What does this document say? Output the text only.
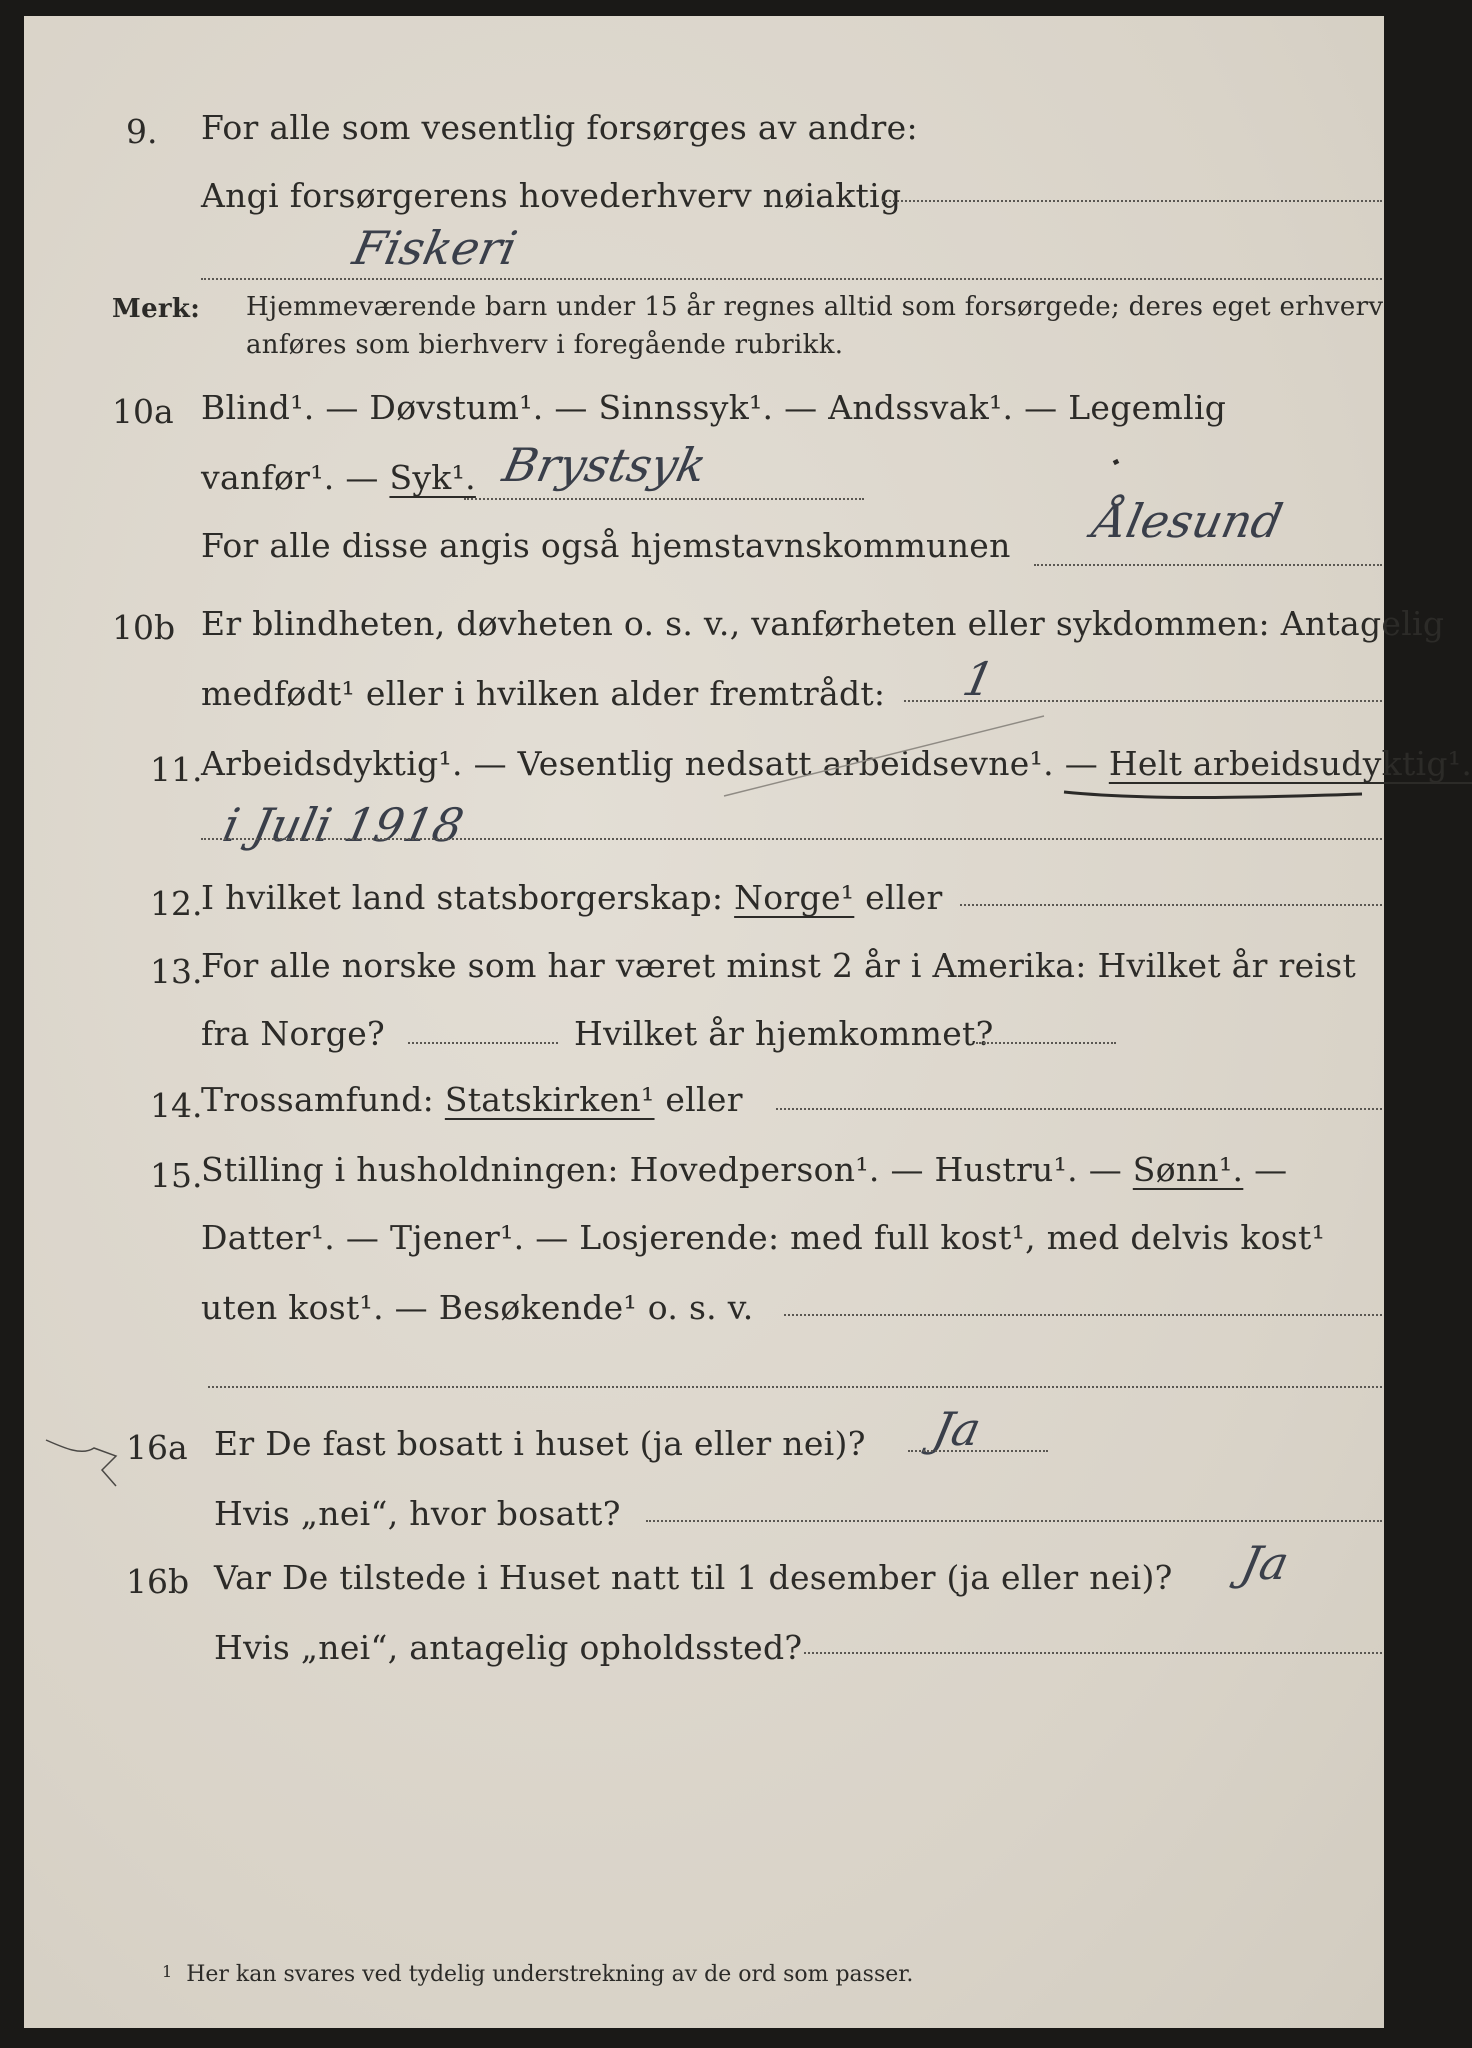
9. For alle som vesentlig forsørges av andre:
Angi forsørgerens hovederhverv nøiaktig
Fiskeri
Merk: Hjemmeværende barn under 15 år regnes alltid som forsørgede; deres eget erhverv
anføres som bierhverv i foregående rubrikk.
10a Blind¹. — Døvstum¹. — Sinnssyk¹. — Andssvak¹. — Legemlig
vanfør¹. — Syk¹. Brystsyk
For alle disse angis også hjemstavnskommunen Ålesund
10b Er blindheten, døvheten o. s. v., vanførheten eller sykdommen: Antagelig
medfødt¹ eller i hvilken alder fremtrådt: 1
11.
Arbeidsdyktig¹. — Vesentlig nedsatt arbeidsevne¹. — Helt arbeidsudyktig¹.
i Juli 1918
12.
I hvilket land statsborgerskap: Norge¹ eller
13.
For alle norske som har været minst 2 år i Amerika: Hvilket år reist
fra Norge?	Hvilket år hjemkommet?
14.
Trossamfund: Statskirken¹ eller
15.
Stilling i husholdningen: Hovedperson¹. — Hustru¹. — Sønn¹. —
Datter¹. — Tjener¹. — Losjerende: med full kost¹, med delvis kost¹
uten kost¹. — Besøkende¹ o. s. v.
16a Er De fast bosatt i huset (ja eller nei)? Ja
Hvis „nei“, hvor bosatt?
16b Var De tilstede i Huset natt til 1 desember (ja eller nei)? Ja
Hvis „nei“, antagelig opholdssted?
$^1$ Her kan svares ved tydelig understrekning av de ord som passer.
